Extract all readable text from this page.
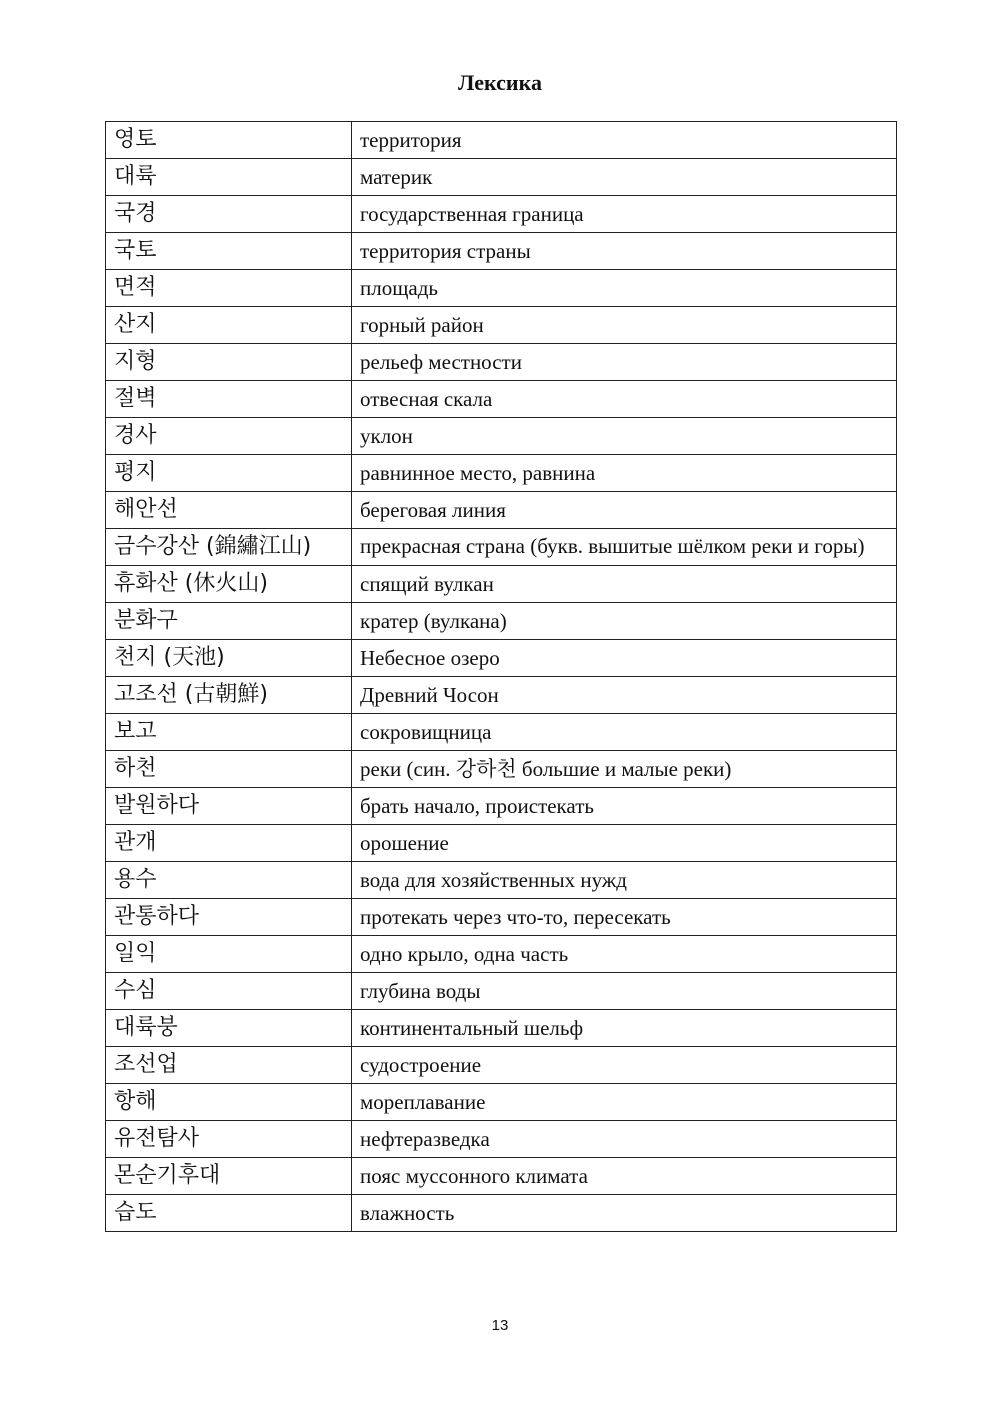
Лексика
영토	территория
대륙	материк
국경	государственная граница
국토	территория страны
면적	площадь
산지	горный район
지형	рельеф местности
절벽	отвесная скала
경사	уклон
평지	равнинное место, равнина
해안선	береговая линия
금수강산 (錦繡江山)	прекрасная страна (букв. вышитые шёлком реки и горы)
휴화산 (休火山)	спящий вулкан
분화구	кратер (вулкана)
천지 (天池)	Небесное озеро
고조선 (古朝鮮)	Древний Чосон
보고	сокровищница
하천	реки (син. 강하천 большие и малые реки)
발원하다	брать начало, проистекать
관개	орошение
용수	вода для хозяйственных нужд
관통하다	протекать через что-то, пересекать
일익	одно крыло, одна часть
수심	глубина воды
대륙붕	континентальный шельф
조선업	судостроение
항해	мореплавание
유전탐사	нефтеразведка
몬순기후대	пояс муссонного климата
습도	влажность
13
